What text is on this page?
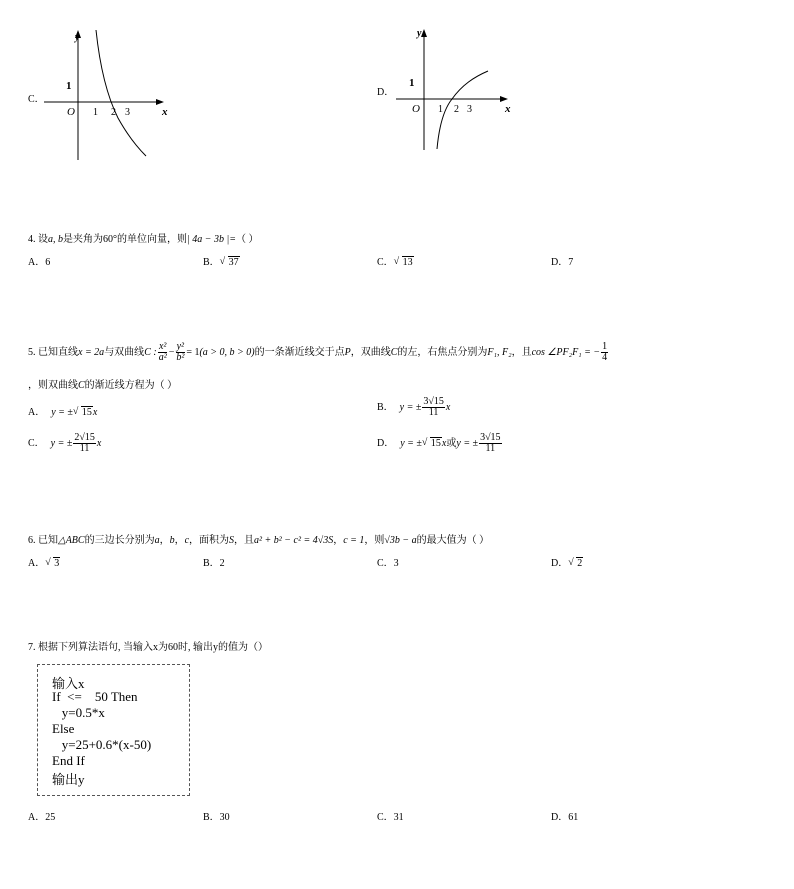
C．
y
x
O
1
1 2 3
D．
y
x
O
1
1 2 3
4. 设a, b是夹角为60°的单位向量，则| 4a − 3b |=（ ）
A．6	B． √ 37	C． √ 13	D．7
5. 已知直线x = 2a与双曲线C : $\frac{\text{x²}}{\text{a²}} - \frac{\text{y²}}{\text{b²}} = 1(a > 0$, b > 0)的一条渐近线交于点P，双曲线C的左，右焦点分别为F₁, F₂，且cos ∠PF₂F₁ = − $\frac{1}{4}$
，则双曲线C的渐近线方程为（ ）
A． y = ± √ 15x	B． y = ± $\frac{3√15}{11}$ x
C． y = ± $\frac{2√15}{11}$ x	D． y = ± √ 15x或y = ± $\frac{3√15}{11}$
6. 已知△ABC的三边长分别为a，b，c，面积为S，且a² + b² − c² = 4√3S，c = 1，则√3b − a的最大值为（ ）
A． √ 3	B．2	C．3	D． √ 2
7. 根据下列算法语句, 当输入x为60时, 输出y的值为（）
输入x
If  <=    50 Then
y=0.5*x
Else
y=25+0.6*(x-50)
End If
输出y
A．25	B．30	C．31	D．61
